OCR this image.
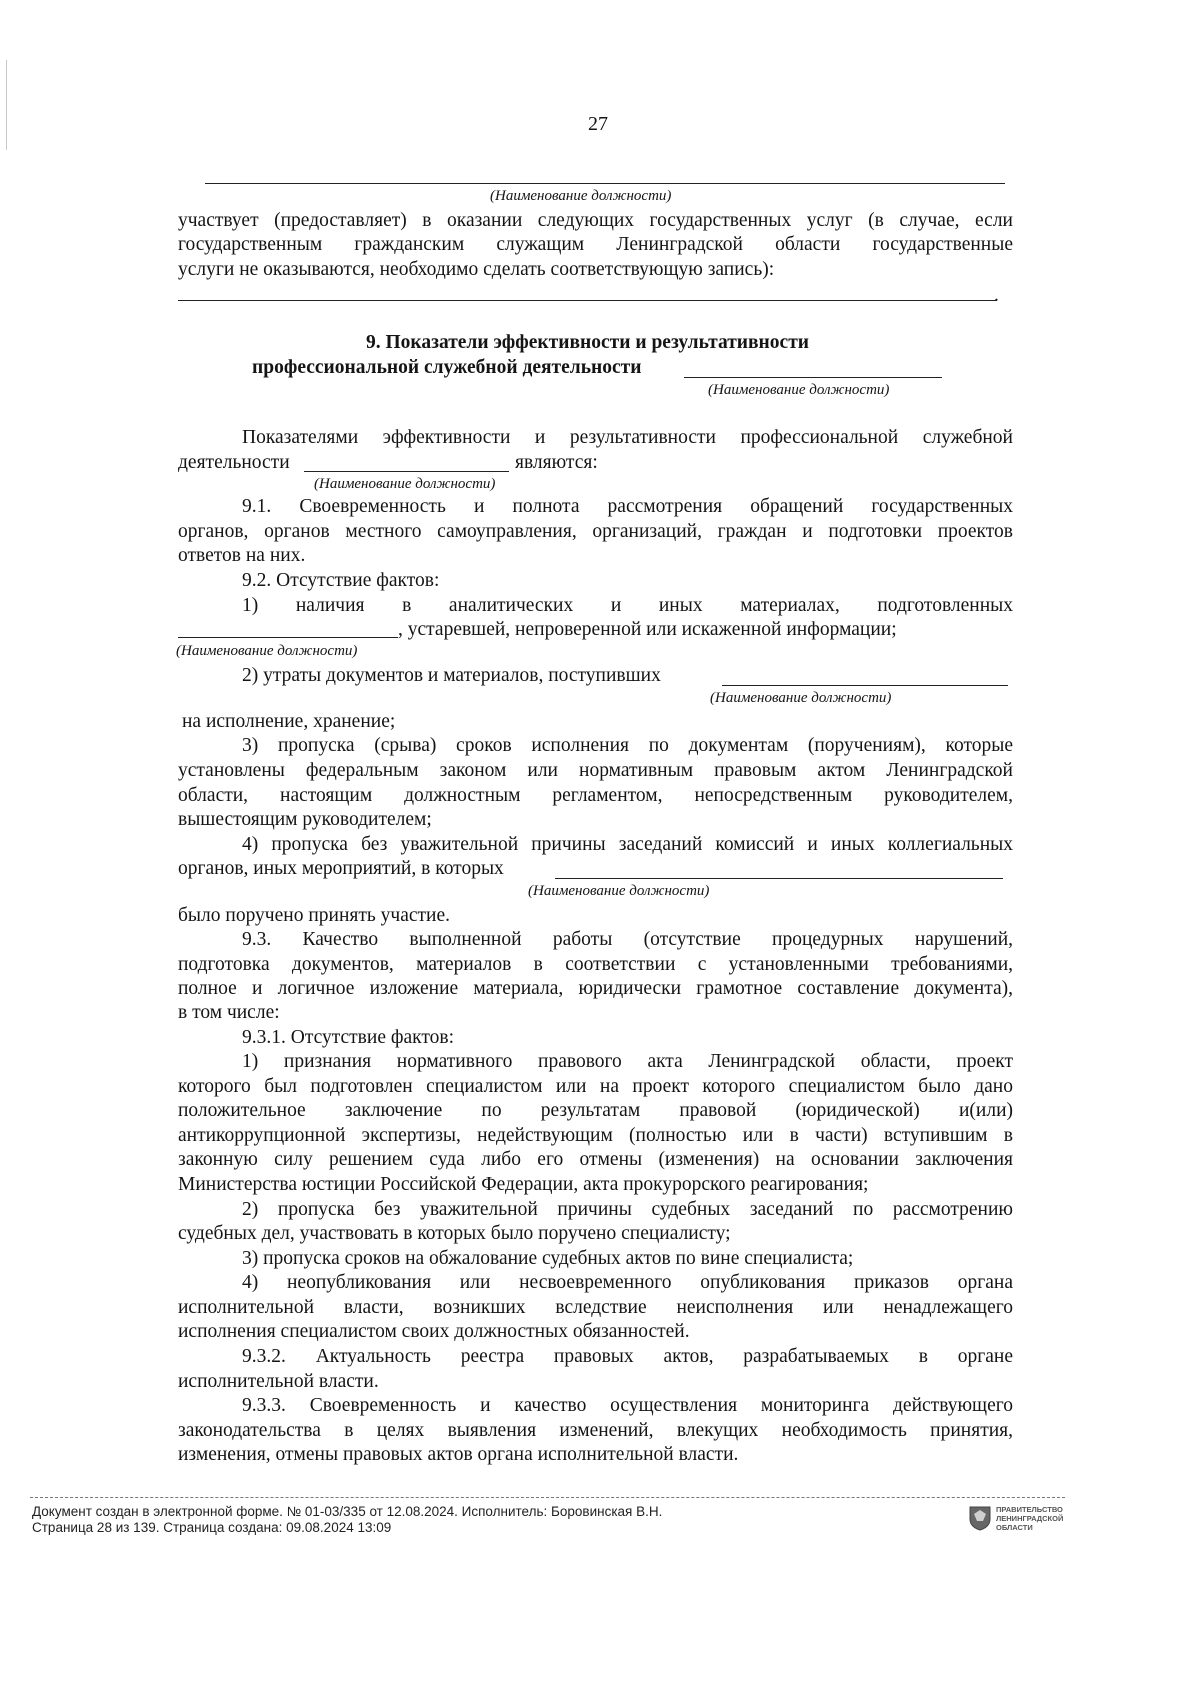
27
(Наименование должности)
участвует (предоставляет) в оказании следующих государственных услуг (в случае, если
государственным гражданским служащим Ленинградской области государственные
услуги не оказываются, необходимо сделать соответствующую запись):
.
9. Показатели эффективности и результативности
профессиональной служебной деятельности
(Наименование должности)
Показателями эффективности и результативности профессиональной служебной
деятельности	являются:
(Наименование должности)
9.1. Своевременность и полнота рассмотрения обращений государственных
органов, органов местного самоуправления, организаций, граждан и подготовки проектов
ответов на них.
9.2. Отсутствие фактов:
1) наличия в аналитических и иных материалах, подготовленных
, устаревшей, непроверенной или искаженной информации;
(Наименование должности)
2) утраты документов и материалов, поступивших
(Наименование должности)
на исполнение, хранение;
3) пропуска (срыва) сроков исполнения по документам (поручениям), которые
установлены федеральным законом или нормативным правовым актом Ленинградской
области, настоящим должностным регламентом, непосредственным руководителем,
вышестоящим руководителем;
4) пропуска без уважительной причины заседаний комиссий и иных коллегиальных
органов, иных мероприятий, в которых
(Наименование должности)
было поручено принять участие.
9.3. Качество выполненной работы (отсутствие процедурных нарушений,
подготовка документов, материалов в соответствии с установленными требованиями,
полное и логичное изложение материала, юридически грамотное составление документа),
в том числе:
9.3.1. Отсутствие фактов:
1) признания нормативного правового акта Ленинградской области, проект
которого был подготовлен специалистом или на проект которого специалистом было дано
положительное заключение по результатам правовой (юридической) и(или)
антикоррупционной экспертизы, недействующим (полностью или в части) вступившим в
законную силу решением суда либо его отмены (изменения) на основании заключения
Министерства юстиции Российской Федерации, акта прокурорского реагирования;
2) пропуска без уважительной причины судебных заседаний по рассмотрению
судебных дел, участвовать в которых было поручено специалисту;
3) пропуска сроков на обжалование судебных актов по вине специалиста;
4) неопубликования или несвоевременного опубликования приказов органа
исполнительной власти, возникших вследствие неисполнения или ненадлежащего
исполнения специалистом своих должностных обязанностей.
9.3.2. Актуальность реестра правовых актов, разрабатываемых в органе
исполнительной власти.
9.3.3. Своевременность и качество осуществления мониторинга действующего
законодательства в целях выявления изменений, влекущих необходимость принятия,
изменения, отмены правовых актов органа исполнительной власти.
Документ создан в электронной форме. № 01-03/335 от 12.08.2024. Исполнитель: Боровинская В.Н.
Страница 28 из 139. Страница создана: 09.08.2024 13:09
ПРАВИТЕЛЬСТВО
ЛЕНИНГРАДСКОЙ
ОБЛАСТИ
